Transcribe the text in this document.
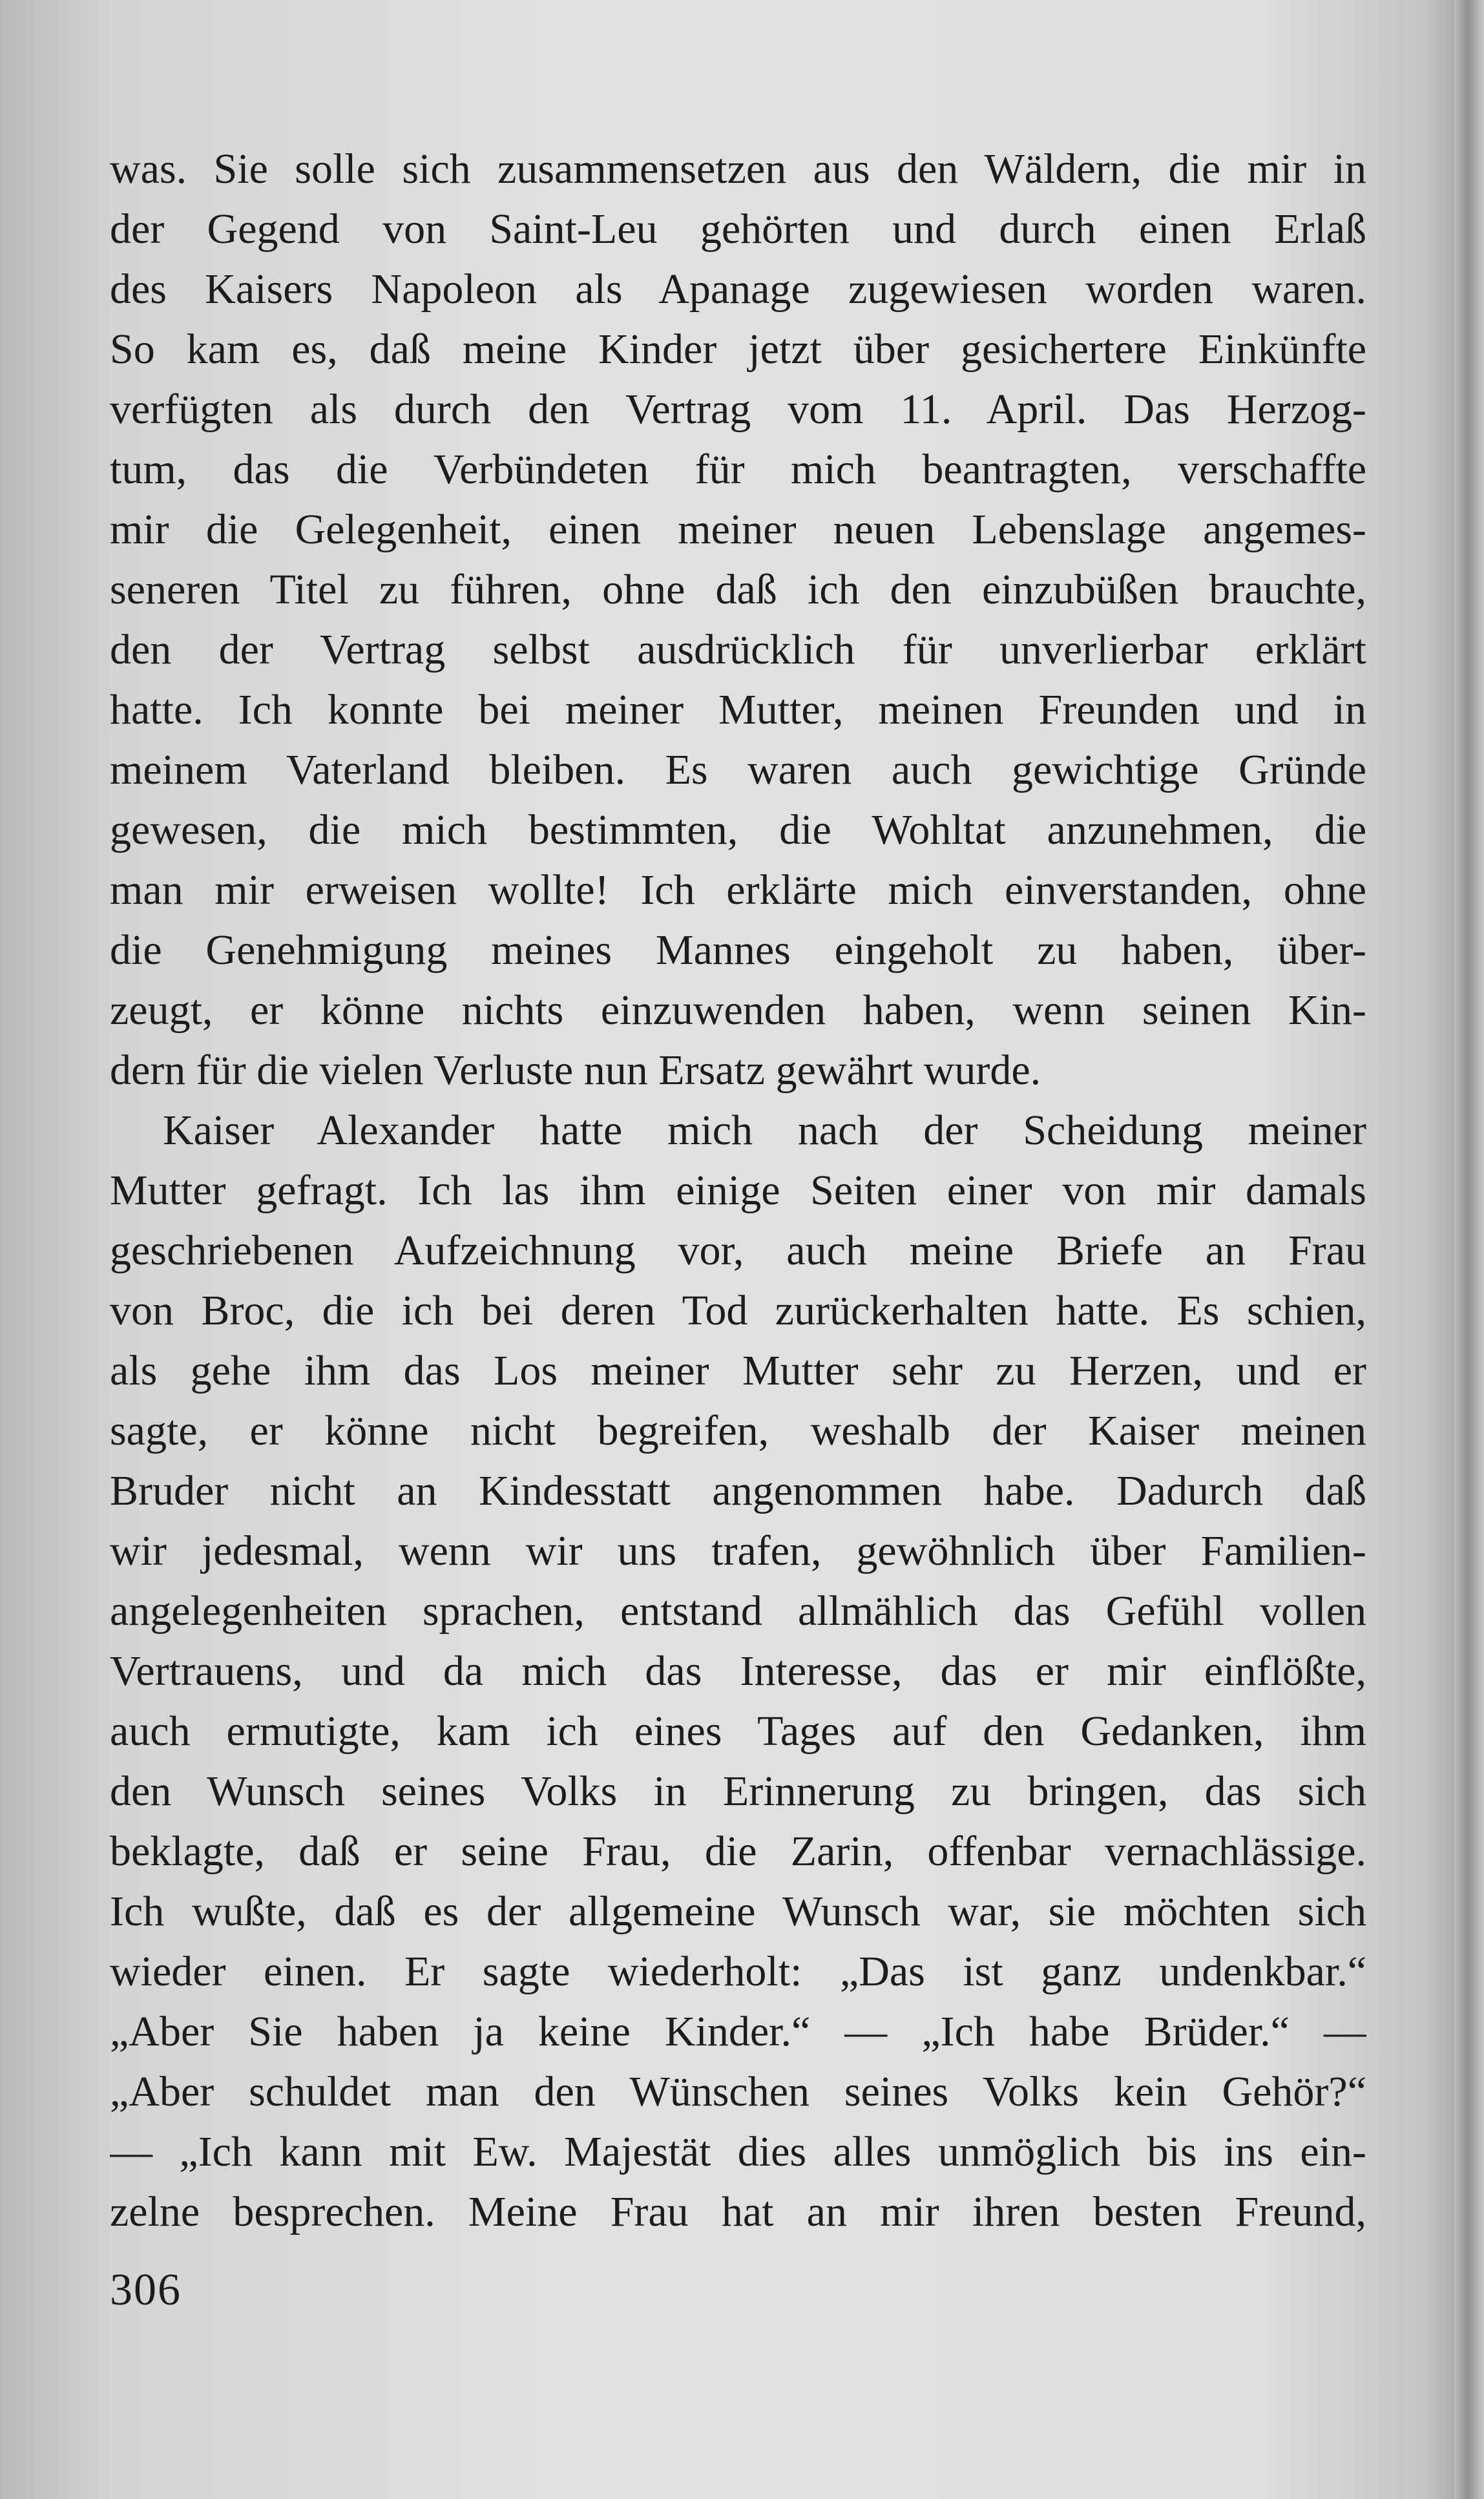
was. Sie solle sich zusammensetzen aus den Wäldern, die mir in
der Gegend von Saint-Leu gehörten und durch einen Erlaß
des Kaisers Napoleon als Apanage zugewiesen worden waren.
So kam es, daß meine Kinder jetzt über gesichertere Einkünfte
verfügten als durch den Vertrag vom 11. April. Das Herzog-
tum, das die Verbündeten für mich beantragten, verschaffte
mir die Gelegenheit, einen meiner neuen Lebenslage angemes-
seneren Titel zu führen, ohne daß ich den einzubüßen brauchte,
den der Vertrag selbst ausdrücklich für unverlierbar erklärt
hatte. Ich konnte bei meiner Mutter, meinen Freunden und in
meinem Vaterland bleiben. Es waren auch gewichtige Gründe
gewesen, die mich bestimmten, die Wohltat anzunehmen, die
man mir erweisen wollte! Ich erklärte mich einverstanden, ohne
die Genehmigung meines Mannes eingeholt zu haben, über-
zeugt, er könne nichts einzuwenden haben, wenn seinen Kin-
dern für die vielen Verluste nun Ersatz gewährt wurde.
Kaiser Alexander hatte mich nach der Scheidung meiner
Mutter gefragt. Ich las ihm einige Seiten einer von mir damals
geschriebenen Aufzeichnung vor, auch meine Briefe an Frau
von Broc, die ich bei deren Tod zurückerhalten hatte. Es schien,
als gehe ihm das Los meiner Mutter sehr zu Herzen, und er
sagte, er könne nicht begreifen, weshalb der Kaiser meinen
Bruder nicht an Kindesstatt angenommen habe. Dadurch daß
wir jedesmal, wenn wir uns trafen, gewöhnlich über Familien-
angelegenheiten sprachen, entstand allmählich das Gefühl vollen
Vertrauens, und da mich das Interesse, das er mir einflößte,
auch ermutigte, kam ich eines Tages auf den Gedanken, ihm
den Wunsch seines Volks in Erinnerung zu bringen, das sich
beklagte, daß er seine Frau, die Zarin, offenbar vernachlässige.
Ich wußte, daß es der allgemeine Wunsch war, sie möchten sich
wieder einen. Er sagte wiederholt: „Das ist ganz undenkbar.“
„Aber Sie haben ja keine Kinder.“ — „Ich habe Brüder.“ —
„Aber schuldet man den Wünschen seines Volks kein Gehör?“
— „Ich kann mit Ew. Majestät dies alles unmöglich bis ins ein-
zelne besprechen. Meine Frau hat an mir ihren besten Freund,
306
